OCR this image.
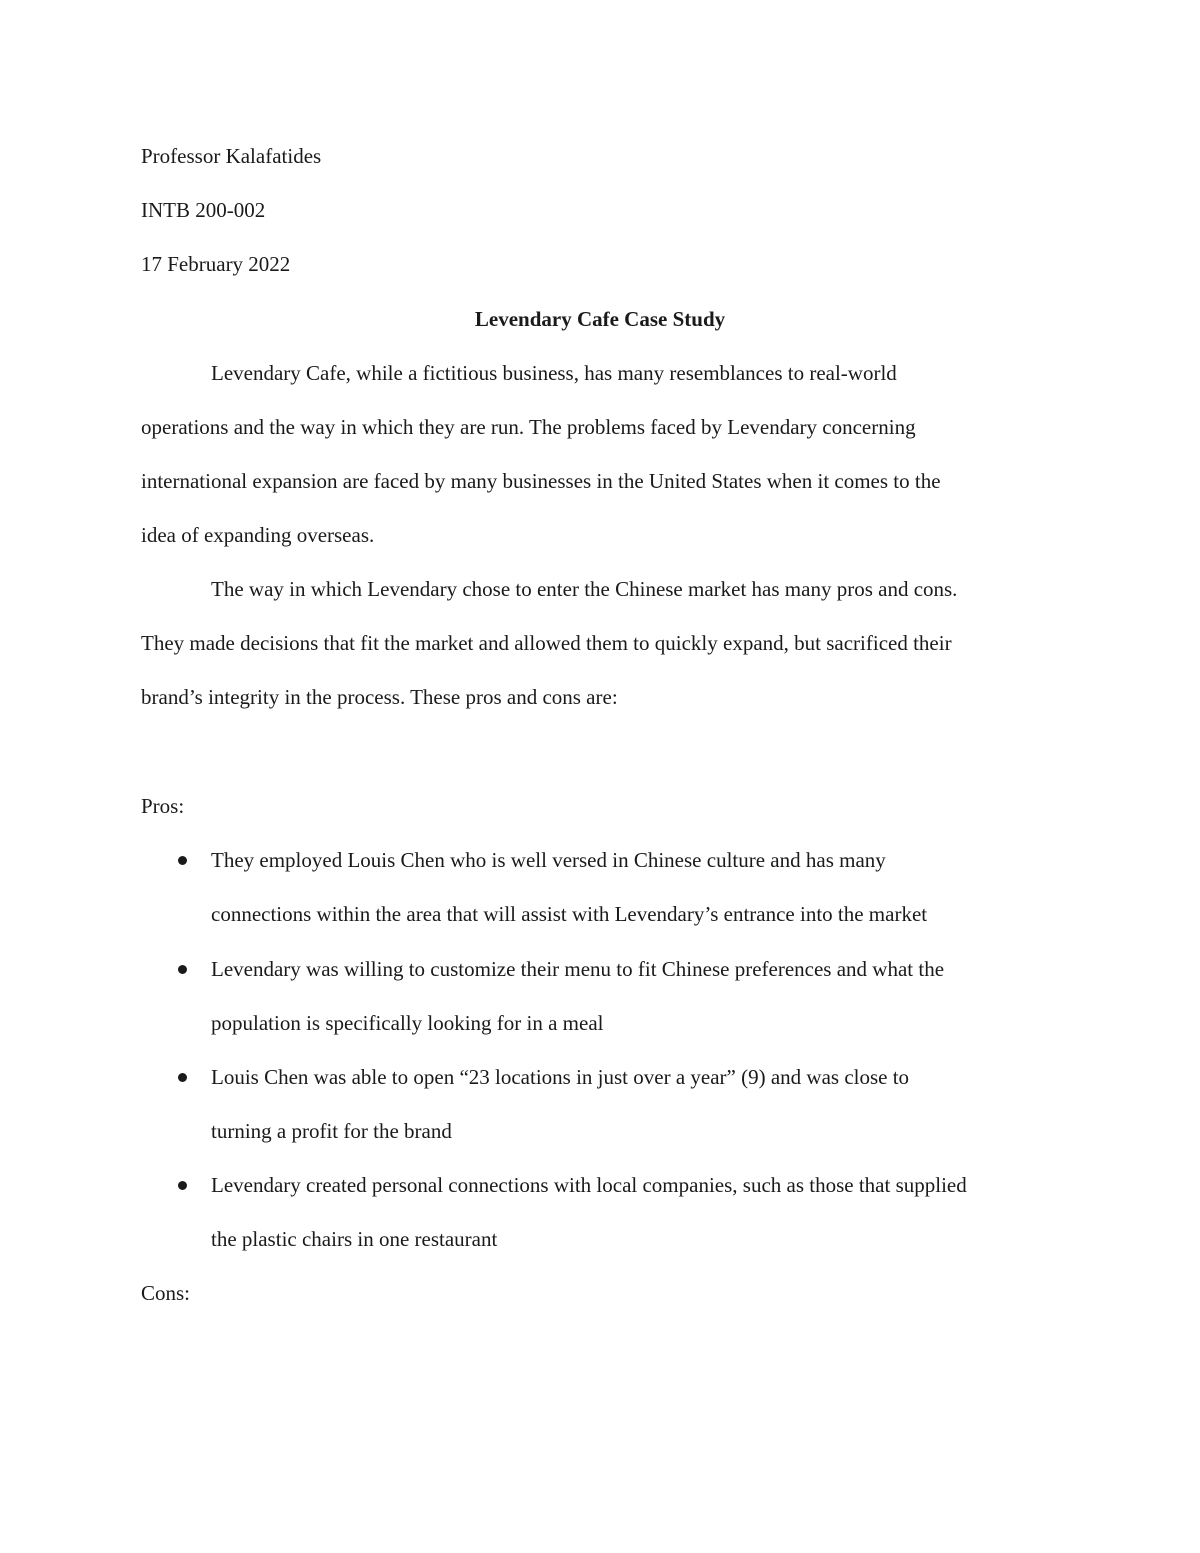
Professor Kalafatides
INTB 200-002
17 February 2022
Levendary Cafe Case Study
Levendary Cafe, while a fictitious business, has many resemblances to real-world
operations and the way in which they are run. The problems faced by Levendary concerning
international expansion are faced by many businesses in the United States when it comes to the
idea of expanding overseas.
The way in which Levendary chose to enter the Chinese market has many pros and cons.
They made decisions that fit the market and allowed them to quickly expand, but sacrificed their
brand’s integrity in the process. These pros and cons are:
Pros:
They employed Louis Chen who is well versed in Chinese culture and has many
connections within the area that will assist with Levendary’s entrance into the market
Levendary was willing to customize their menu to fit Chinese preferences and what the
population is specifically looking for in a meal
Louis Chen was able to open “23 locations in just over a year” (9) and was close to
turning a profit for the brand
Levendary created personal connections with local companies, such as those that supplied
the plastic chairs in one restaurant
Cons:
